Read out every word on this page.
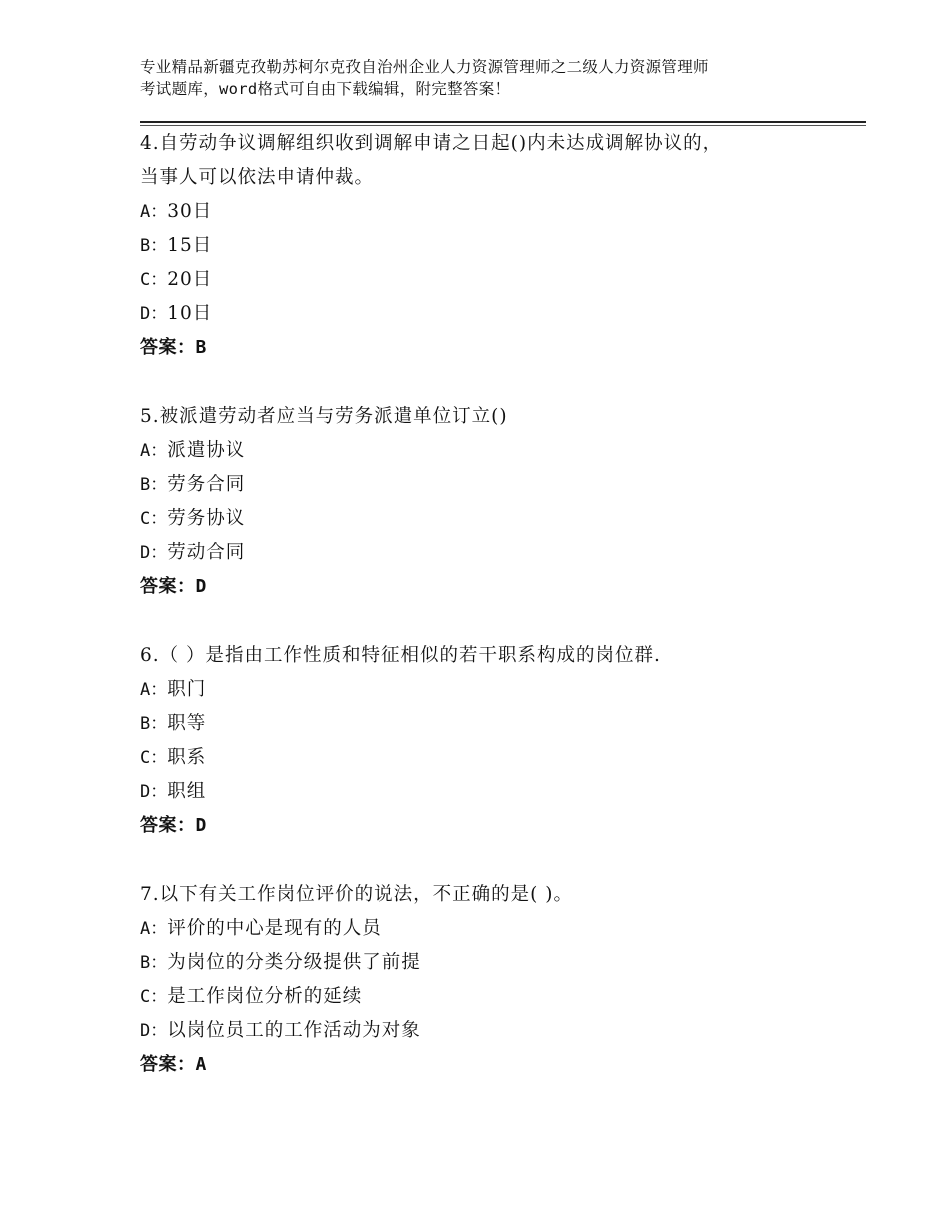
专业精品新疆克孜勒苏柯尔克孜自治州企业人力资源管理师之二级人力资源管理师
考试题库，word格式可自由下载编辑，附完整答案！
4.自劳动争议调解组织收到调解申请之日起()内未达成调解协议的，
当事人可以依法申请仲裁。
A：30日
B：15日
C：20日
D：10日
答案：B
5.被派遣劳动者应当与劳务派遣单位订立()
A：派遣协议
B：劳务合同
C：劳务协议
D：劳动合同
答案：D
6.（ ）是指由工作性质和特征相似的若干职系构成的岗位群.
A：职门
B：职等
C：职系
D：职组
答案：D
7.以下有关工作岗位评价的说法，不正确的是( )。
A：评价的中心是现有的人员
B：为岗位的分类分级提供了前提
C：是工作岗位分析的延续
D：以岗位员工的工作活动为对象
答案：A
